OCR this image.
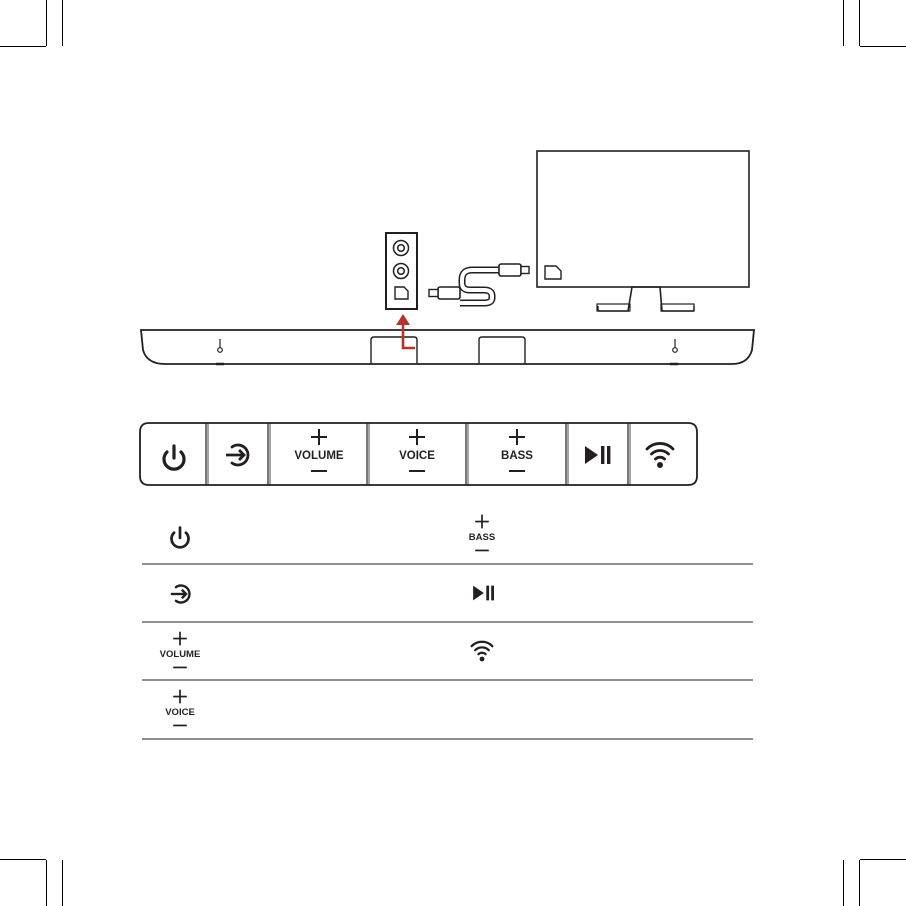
VOLUME	VOICE	BASS
VOLUME
VOICE
BASS
